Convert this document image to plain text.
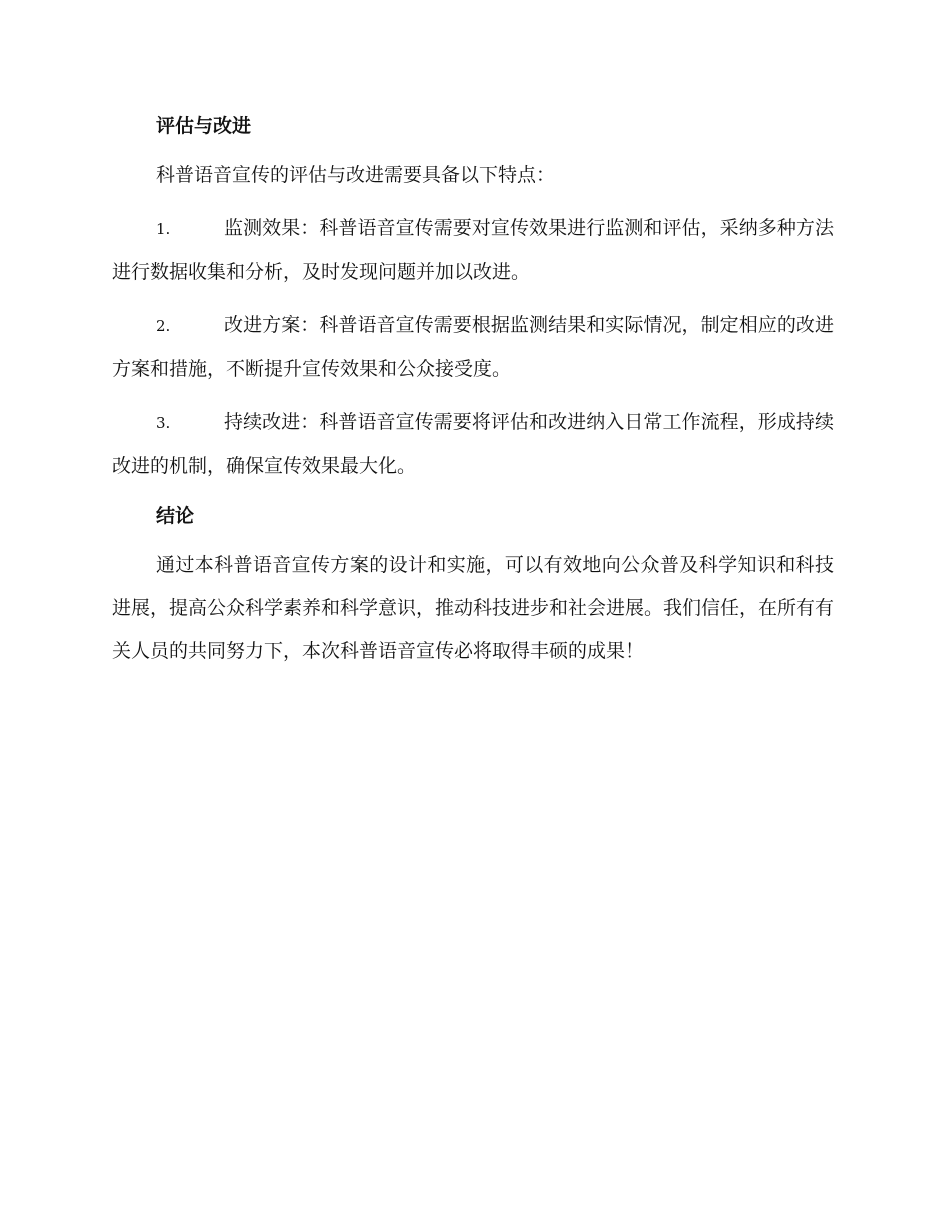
评估与改进

科普语音宣传的评估与改进需要具备以下特点：

1.	监测效果：科普语音宣传需要对宣传效果进行监测和评估，采纳多种方法进行数据收集和分析，及时发现问题并加以改进。
2.	改进方案：科普语音宣传需要根据监测结果和实际情况，制定相应的改进方案和措施，不断提升宣传效果和公众接受度。
3.	持续改进：科普语音宣传需要将评估和改进纳入日常工作流程，形成持续改进的机制，确保宣传效果最大化。
结论

通过本科普语音宣传方案的设计和实施，可以有效地向公众普及科学知识和科技进展，提高公众科学素养和科学意识，推动科技进步和社会进展。我们信任，在所有有关人员的共同努力下，本次科普语音宣传必将取得丰硕的成果！
